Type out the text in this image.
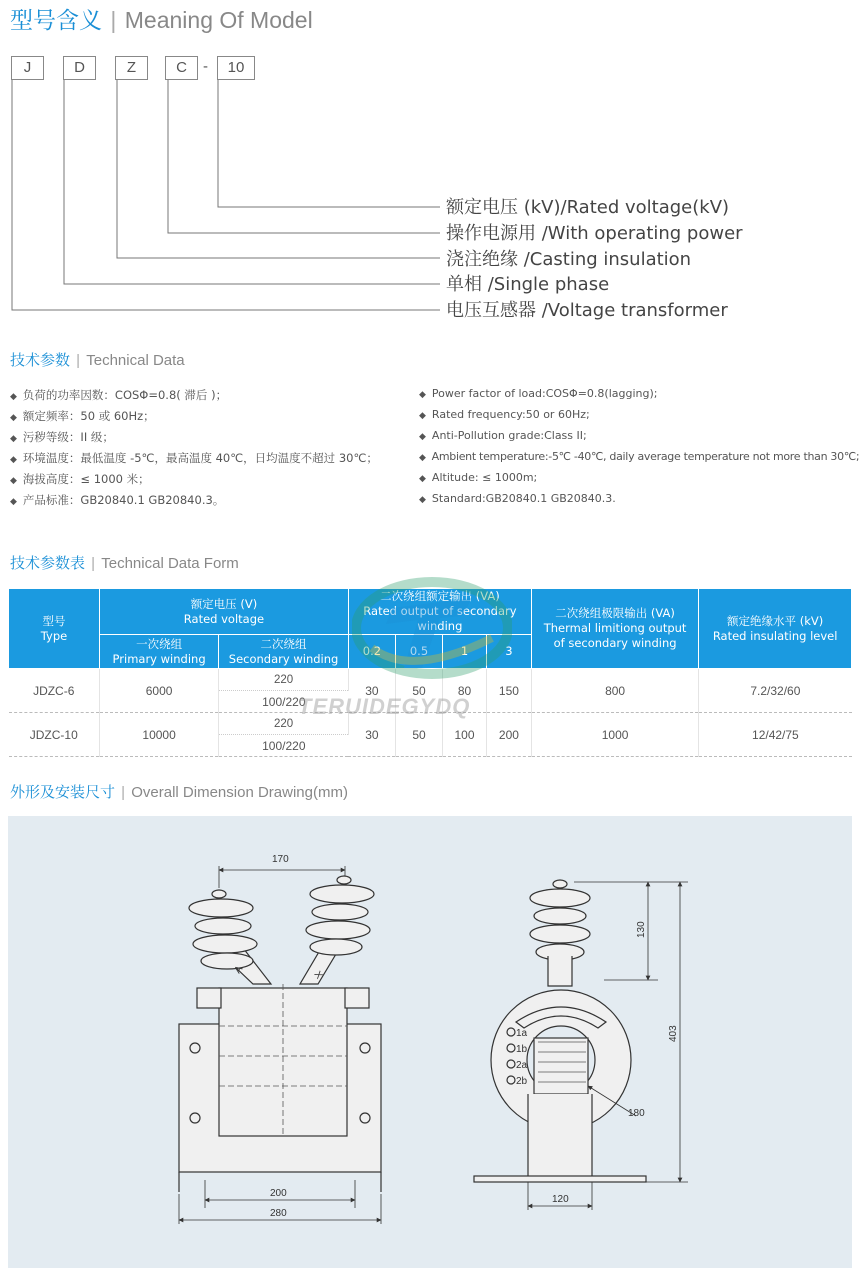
型号含义 | Meaning Of Model
J	D	Z	C	-	10
额定电压 (kV)/Rated voltage(kV)
操作电源用 /With operating power
浇注绝缘 /Casting insulation
单相 /Single phase
电压互感器 /Voltage transformer
技术参数 | Technical Data
◆ 负荷的功率因数：COSΦ=0.8( 滞后 )；
◆ 额定频率：50 或 60Hz；
◆ 污秽等级：II 级；
◆ 环境温度：最低温度 -5℃，最高温度 40℃，日均温度不超过 30℃；
◆ 海拔高度：≤ 1000 米；
◆ 产品标准：GB20840.1 GB20840.3。
◆ Power factor of load:COSΦ=0.8(lagging);
◆ Rated frequency:50 or 60Hz;
◆ Anti-Pollution grade:Class II;
◆ Ambient temperature:-5℃ -40℃, daily average temperature not more than 30℃;
◆ Altitude: ≤ 1000m;
◆ Standard:GB20840.1 GB20840.3.
技术参数表 | Technical Data Form
型号
Type	额定电压 (V)
Rated voltage		二次绕组额定输出 (VA)
Rated output of secondary winding				二次绕组极限输出 (VA)
Thermal limitiong output
of secondary winding	额定绝缘水平 (kV)
Rated insulating level
	一次绕组
Primary winding	二次绕组
Secondary winding	0.2	0.5	1	3		
JDZC-6	6000	220	30	50	80	150	800	7.2/32/60
		100/220						
JDZC-10	10000	220	30	50	100	200	1000	12/42/75
		100/220						
TERUIDEGYDQ
外形及安装尺寸 | Overall Dimension Drawing(mm)
A	X
170
200
280
1a
1b
2a
2b
130
403
180
120
